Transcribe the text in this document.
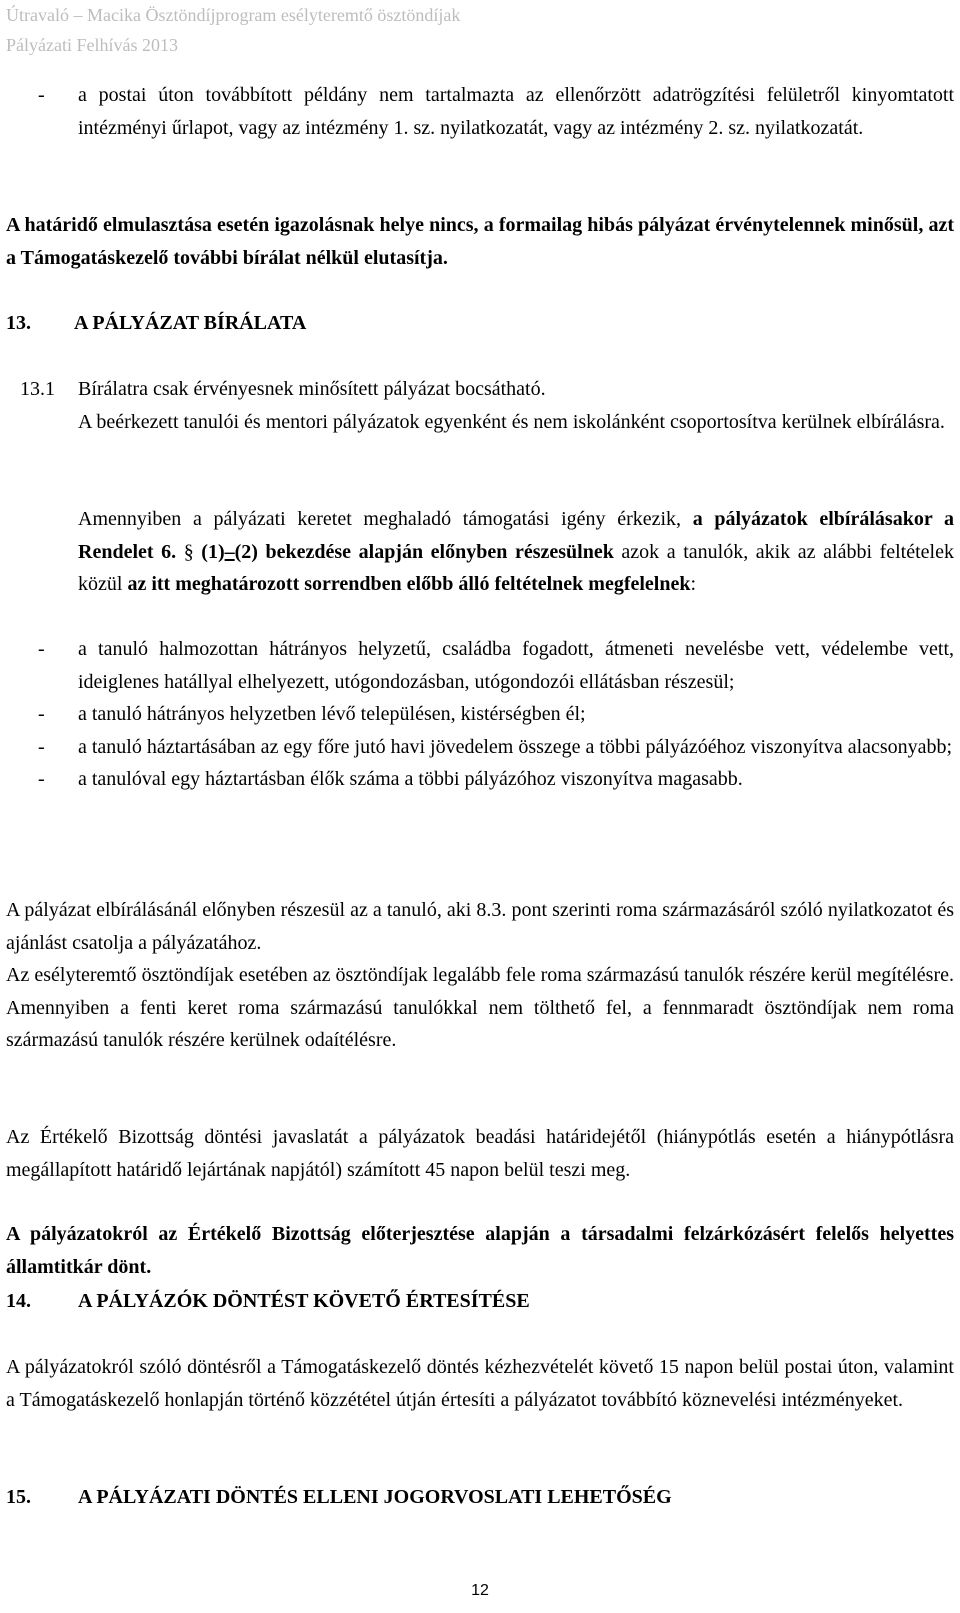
Útravaló – Macika Ösztöndíjprogram esélyteremtő ösztöndíjak
Pályázati Felhívás 2013
- a postai úton továbbított példány nem tartalmazta az ellenőrzött adatrögzítési felületről kinyomtatott intézményi űrlapot, vagy az intézmény 1. sz. nyilatkozatát, vagy az intézmény 2. sz. nyilatkozatát.
A határidő elmulasztása esetén igazolásnak helye nincs, a formailag hibás pályázat érvénytelennek minősül, azt a Támogatáskezelő további bírálat nélkül elutasítja.
13. A PÁLYÁZAT BÍRÁLATA
13.1 Bírálatra csak érvényesnek minősített pályázat bocsátható.
A beérkezett tanulói és mentori pályázatok egyenként és nem iskolánként csoportosítva kerülnek elbírálásra.
Amennyiben a pályázati keretet meghaladó támogatási igény érkezik, a pályázatok elbírálásakor a Rendelet 6. § (1)–(2) bekezdése alapján előnyben részesülnek azok a tanulók, akik az alábbi feltételek közül az itt meghatározott sorrendben előbb álló feltételnek megfelelnek:
- a tanuló halmozottan hátrányos helyzetű, családba fogadott, átmeneti nevelésbe vett, védelembe vett, ideiglenes hatállyal elhelyezett, utógondozásban, utógondozói ellátásban részesül;
- a tanuló hátrányos helyzetben lévő településen, kistérségben él;
- a tanuló háztartásában az egy főre jutó havi jövedelem összege a többi pályázóéhoz viszonyítva alacsonyabb;
- a tanulóval egy háztartásban élők száma a többi pályázóhoz viszonyítva magasabb.
A pályázat elbírálásánál előnyben részesül az a tanuló, aki 8.3. pont szerinti roma származásáról szóló nyilatkozatot és ajánlást csatolja a pályázatához.
Az esélyteremtő ösztöndíjak esetében az ösztöndíjak legalább fele roma származású tanulók részére kerül megítélésre. Amennyiben a fenti keret roma származású tanulókkal nem tölthető fel, a fennmaradt ösztöndíjak nem roma származású tanulók részére kerülnek odaítélésre.
Az Értékelő Bizottság döntési javaslatát a pályázatok beadási határidejétől (hiánypótlás esetén a hiánypótlásra megállapított határidő lejártának napjától) számított 45 napon belül teszi meg.
A pályázatokról az Értékelő Bizottság előterjesztése alapján a társadalmi felzárkózásért felelős helyettes államtitkár dönt.
14. A PÁLYÁZÓK DÖNTÉST KÖVETŐ ÉRTESÍTÉSE
A pályázatokról szóló döntésről a Támogatáskezelő döntés kézhezvételét követő 15 napon belül postai úton, valamint a Támogatáskezelő honlapján történő közzététel útján értesíti a pályázatot továbbító köznevelési intézményeket.
15. A PÁLYÁZATI DÖNTÉS ELLENI JOGORVOSLATI LEHETŐSÉG
12
